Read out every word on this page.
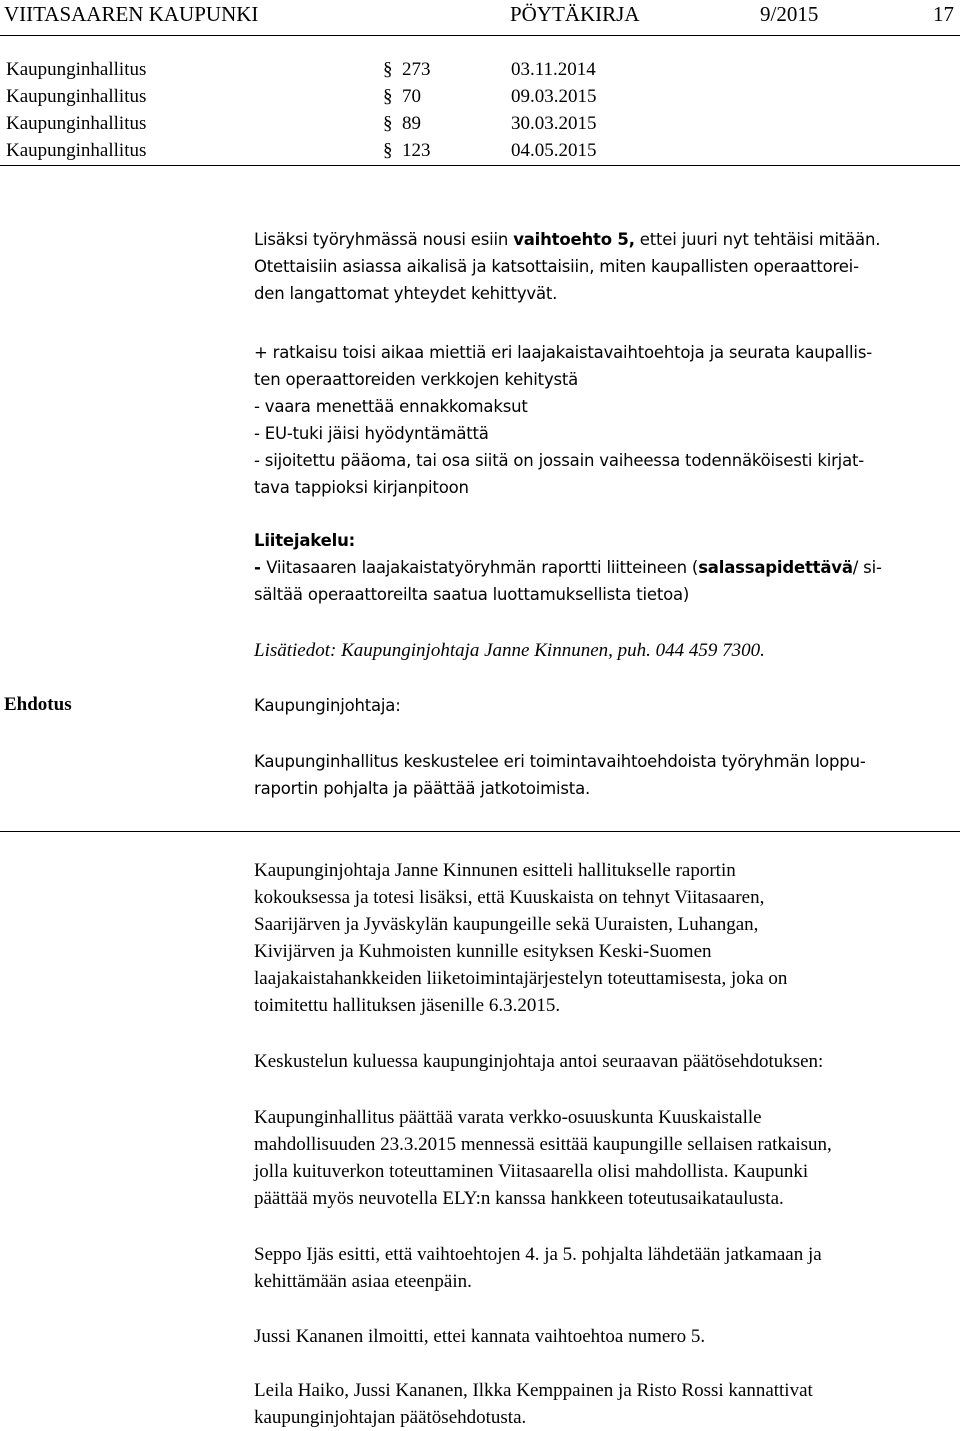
VIITASAAREN KAUPUNKI	PÖYTÄKIRJA	9/2015	17
Kaupunginhallitus	§ 273	03.11.2014
Kaupunginhallitus	§ 70	09.03.2015
Kaupunginhallitus	§ 89	30.03.2015
Kaupunginhallitus	§ 123	04.05.2015
Lisäksi työryhmässä nousi esiin vaihtoehto 5, ettei juuri nyt tehtäisi mitään.
Otettaisiin asiassa aikalisä ja katsottaisiin, miten kaupallisten operaattorei-
den langattomat yhteydet kehittyvät.
+ ratkaisu toisi aikaa miettiä eri laajakaistavaihtoehtoja ja seurata kaupallis-
ten operaattoreiden verkkojen kehitystä
- vaara menettää ennakkomaksut
- EU-tuki jäisi hyödyntämättä
- sijoitettu pääoma, tai osa siitä on jossain vaiheessa todennäköisesti kirjat-
tava tappioksi kirjanpitoon
Liitejakelu:
- Viitasaaren laajakaistatyöryhmän raportti liitteineen (salassapidettävä/ si-
sältää operaattoreilta saatua luottamuksellista tietoa)
Lisätiedot: Kaupunginjohtaja Janne Kinnunen, puh. 044 459 7300.
Ehdotus	Kaupunginjohtaja:
Kaupunginhallitus keskustelee eri toimintavaihtoehdoista työryhmän loppu-
raportin pohjalta ja päättää jatkotoimista.
Kaupunginjohtaja Janne Kinnunen esitteli hallitukselle raportin
kokouksessa ja totesi lisäksi, että Kuuskaista on tehnyt Viitasaaren,
Saarijärven ja Jyväskylän kaupungeille sekä Uuraisten, Luhangan,
Kivijärven ja Kuhmoisten kunnille esityksen Keski-Suomen
laajakaistahankkeiden liiketoimintajärjestelyn toteuttamisesta, joka on
toimitettu hallituksen jäsenille 6.3.2015.
Keskustelun kuluessa kaupunginjohtaja antoi seuraavan päätösehdotuksen:
Kaupunginhallitus päättää varata verkko-osuuskunta Kuuskaistalle
mahdollisuuden 23.3.2015 mennessä esittää kaupungille sellaisen ratkaisun,
jolla kuituverkon toteuttaminen Viitasaarella olisi mahdollista. Kaupunki
päättää myös neuvotella ELY:n kanssa hankkeen toteutusaikataulusta.
Seppo Ijäs esitti, että vaihtoehtojen 4. ja 5. pohjalta lähdetään jatkamaan ja
kehittämään asiaa eteenpäin.
Jussi Kananen ilmoitti, ettei kannata vaihtoehtoa numero 5.
Leila Haiko, Jussi Kananen, Ilkka Kemppainen ja Risto Rossi kannattivat
kaupunginjohtajan päätösehdotusta.
